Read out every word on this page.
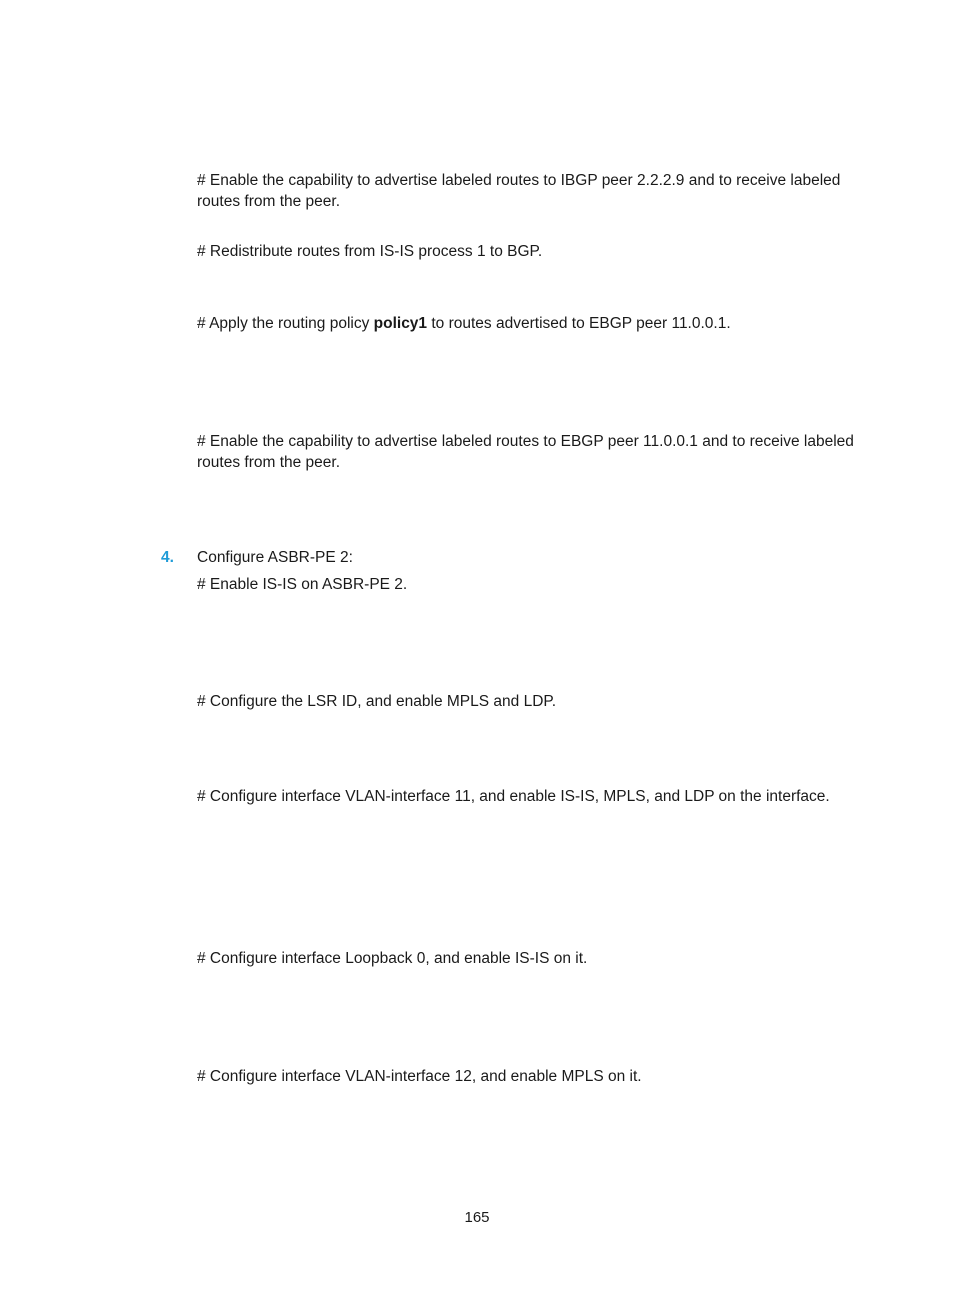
# Enable the capability to advertise labeled routes to IBGP peer 2.2.2.9 and to receive labeled routes from the peer.
# Redistribute routes from IS-IS process 1 to BGP.
# Apply the routing policy policy1 to routes advertised to EBGP peer 11.0.0.1.
# Enable the capability to advertise labeled routes to EBGP peer 11.0.0.1 and to receive labeled routes from the peer.
4. Configure ASBR-PE 2:
# Enable IS-IS on ASBR-PE 2.
# Configure the LSR ID, and enable MPLS and LDP.
# Configure interface VLAN-interface 11, and enable IS-IS, MPLS, and LDP on the interface.
# Configure interface Loopback 0, and enable IS-IS on it.
# Configure interface VLAN-interface 12, and enable MPLS on it.
165
